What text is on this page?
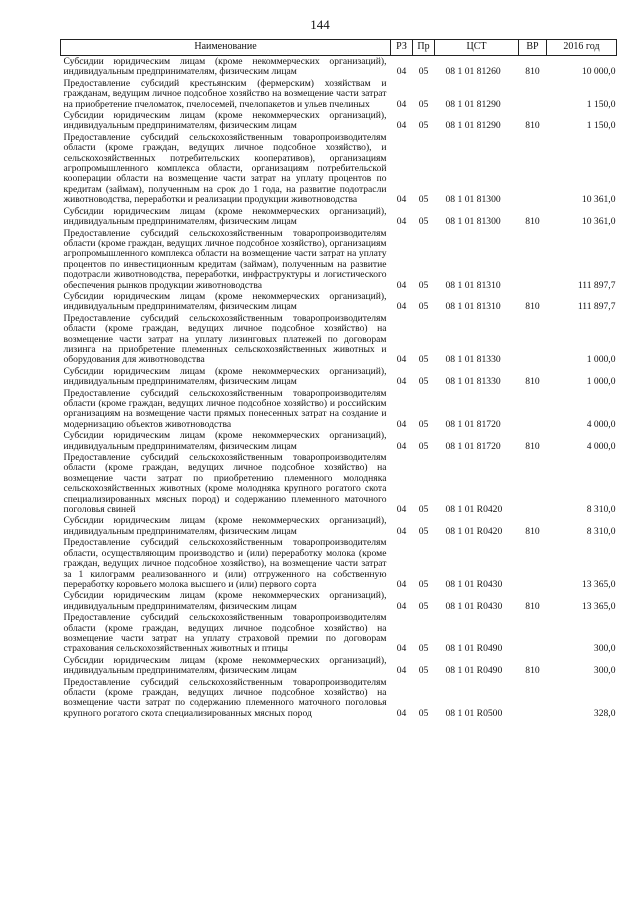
144
Наименование	РЗ	Пр	ЦСТ	ВР	2016 год
Субсидии юридическим лицам (кроме некоммерческих организаций), индивидуальным предпринимателям, физическим лицам	04	05	08 1 01 81260	810	10 000,0
Предоставление субсидий крестьянским (фермерским) хозяйствам и гражданам, ведущим личное подсобное хозяйство на возмещение части затрат на приобретение пчеломаток, пчелосемей, пчелопакетов и ульев пчелиных	04	05	08 1 01 81290		1 150,0
Субсидии юридическим лицам (кроме некоммерческих организаций), индивидуальным предпринимателям, физическим лицам	04	05	08 1 01 81290	810	1 150,0
Предоставление субсидий сельскохозяйственным товаропроизводителям области (кроме граждан, ведущих личное подсобное хозяйство), и сельскохозяйственных потребительских кооперативов), организациям агропромышленного комплекса области, организациям потребительской кооперации области на возмещение части затрат на уплату процентов по кредитам (займам), полученным на срок до 1 года, на развитие подотрасли животноводства, переработки и реализации продукции животноводства	04	05	08 1 01 81300		10 361,0
Субсидии юридическим лицам (кроме некоммерческих организаций), индивидуальным предпринимателям, физическим лицам	04	05	08 1 01 81300	810	10 361,0
Предоставление субсидий сельскохозяйственным товаропроизводителям области (кроме граждан, ведущих личное подсобное хозяйство), организациям агропромышленного комплекса области на возмещение части затрат на уплату процентов по инвестиционным кредитам (займам), полученным на развитие подотрасли животноводства, переработки, инфраструктуры и логистического обеспечения рынков продукции животноводства	04	05	08 1 01 81310		111 897,7
Субсидии юридическим лицам (кроме некоммерческих организаций), индивидуальным предпринимателям, физическим лицам	04	05	08 1 01 81310	810	111 897,7
Предоставление субсидий сельскохозяйственным товаропроизводителям области (кроме граждан, ведущих личное подсобное хозяйство) на возмещение части затрат на уплату лизинговых платежей по договорам лизинга на приобретение племенных сельскохозяйственных животных и оборудования для животноводства	04	05	08 1 01 81330		1 000,0
Субсидии юридическим лицам (кроме некоммерческих организаций), индивидуальным предпринимателям, физическим лицам	04	05	08 1 01 81330	810	1 000,0
Предоставление субсидий сельскохозяйственным товаропроизводителям области (кроме граждан, ведущих личное подсобное хозяйство) и российским организациям на возмещение части прямых понесенных затрат на создание и модернизацию объектов животноводства	04	05	08 1 01 81720		4 000,0
Субсидии юридическим лицам (кроме некоммерческих организаций), индивидуальным предпринимателям, физическим лицам	04	05	08 1 01 81720	810	4 000,0
Предоставление субсидий сельскохозяйственным товаропроизводителям области (кроме граждан, ведущих личное подсобное хозяйство) на возмещение части затрат по приобретению племенного молодняка сельскохозяйственных животных (кроме молодняка крупного рогатого скота специализированных мясных пород) и содержанию племенного маточного поголовья свиней	04	05	08 1 01 R0420		8 310,0
Субсидии юридическим лицам (кроме некоммерческих организаций), индивидуальным предпринимателям, физическим лицам	04	05	08 1 01 R0420	810	8 310,0
Предоставление субсидий сельскохозяйственным товаропроизводителям области, осуществляющим производство и (или) переработку молока (кроме граждан, ведущих личное подсобное хозяйство), на возмещение части затрат за 1 килограмм реализованного и (или) отгруженного на собственную переработку коровьего молока высшего и (или) первого сорта	04	05	08 1 01 R0430		13 365,0
Субсидии юридическим лицам (кроме некоммерческих организаций), индивидуальным предпринимателям, физическим лицам	04	05	08 1 01 R0430	810	13 365,0
Предоставление субсидий сельскохозяйственным товаропроизводителям области (кроме граждан, ведущих личное подсобное хозяйство) на возмещение части затрат на уплату страховой премии по договорам страхования сельскохозяйственных животных и птицы	04	05	08 1 01 R0490		300,0
Субсидии юридическим лицам (кроме некоммерческих организаций), индивидуальным предпринимателям, физическим лицам	04	05	08 1 01 R0490	810	300,0
Предоставление субсидий сельскохозяйственным товаропроизводителям области (кроме граждан, ведущих личное подсобное хозяйство) на возмещение части затрат по содержанию племенного маточного поголовья крупного рогатого скота специализированных мясных пород	04	05	08 1 01 R0500		328,0
